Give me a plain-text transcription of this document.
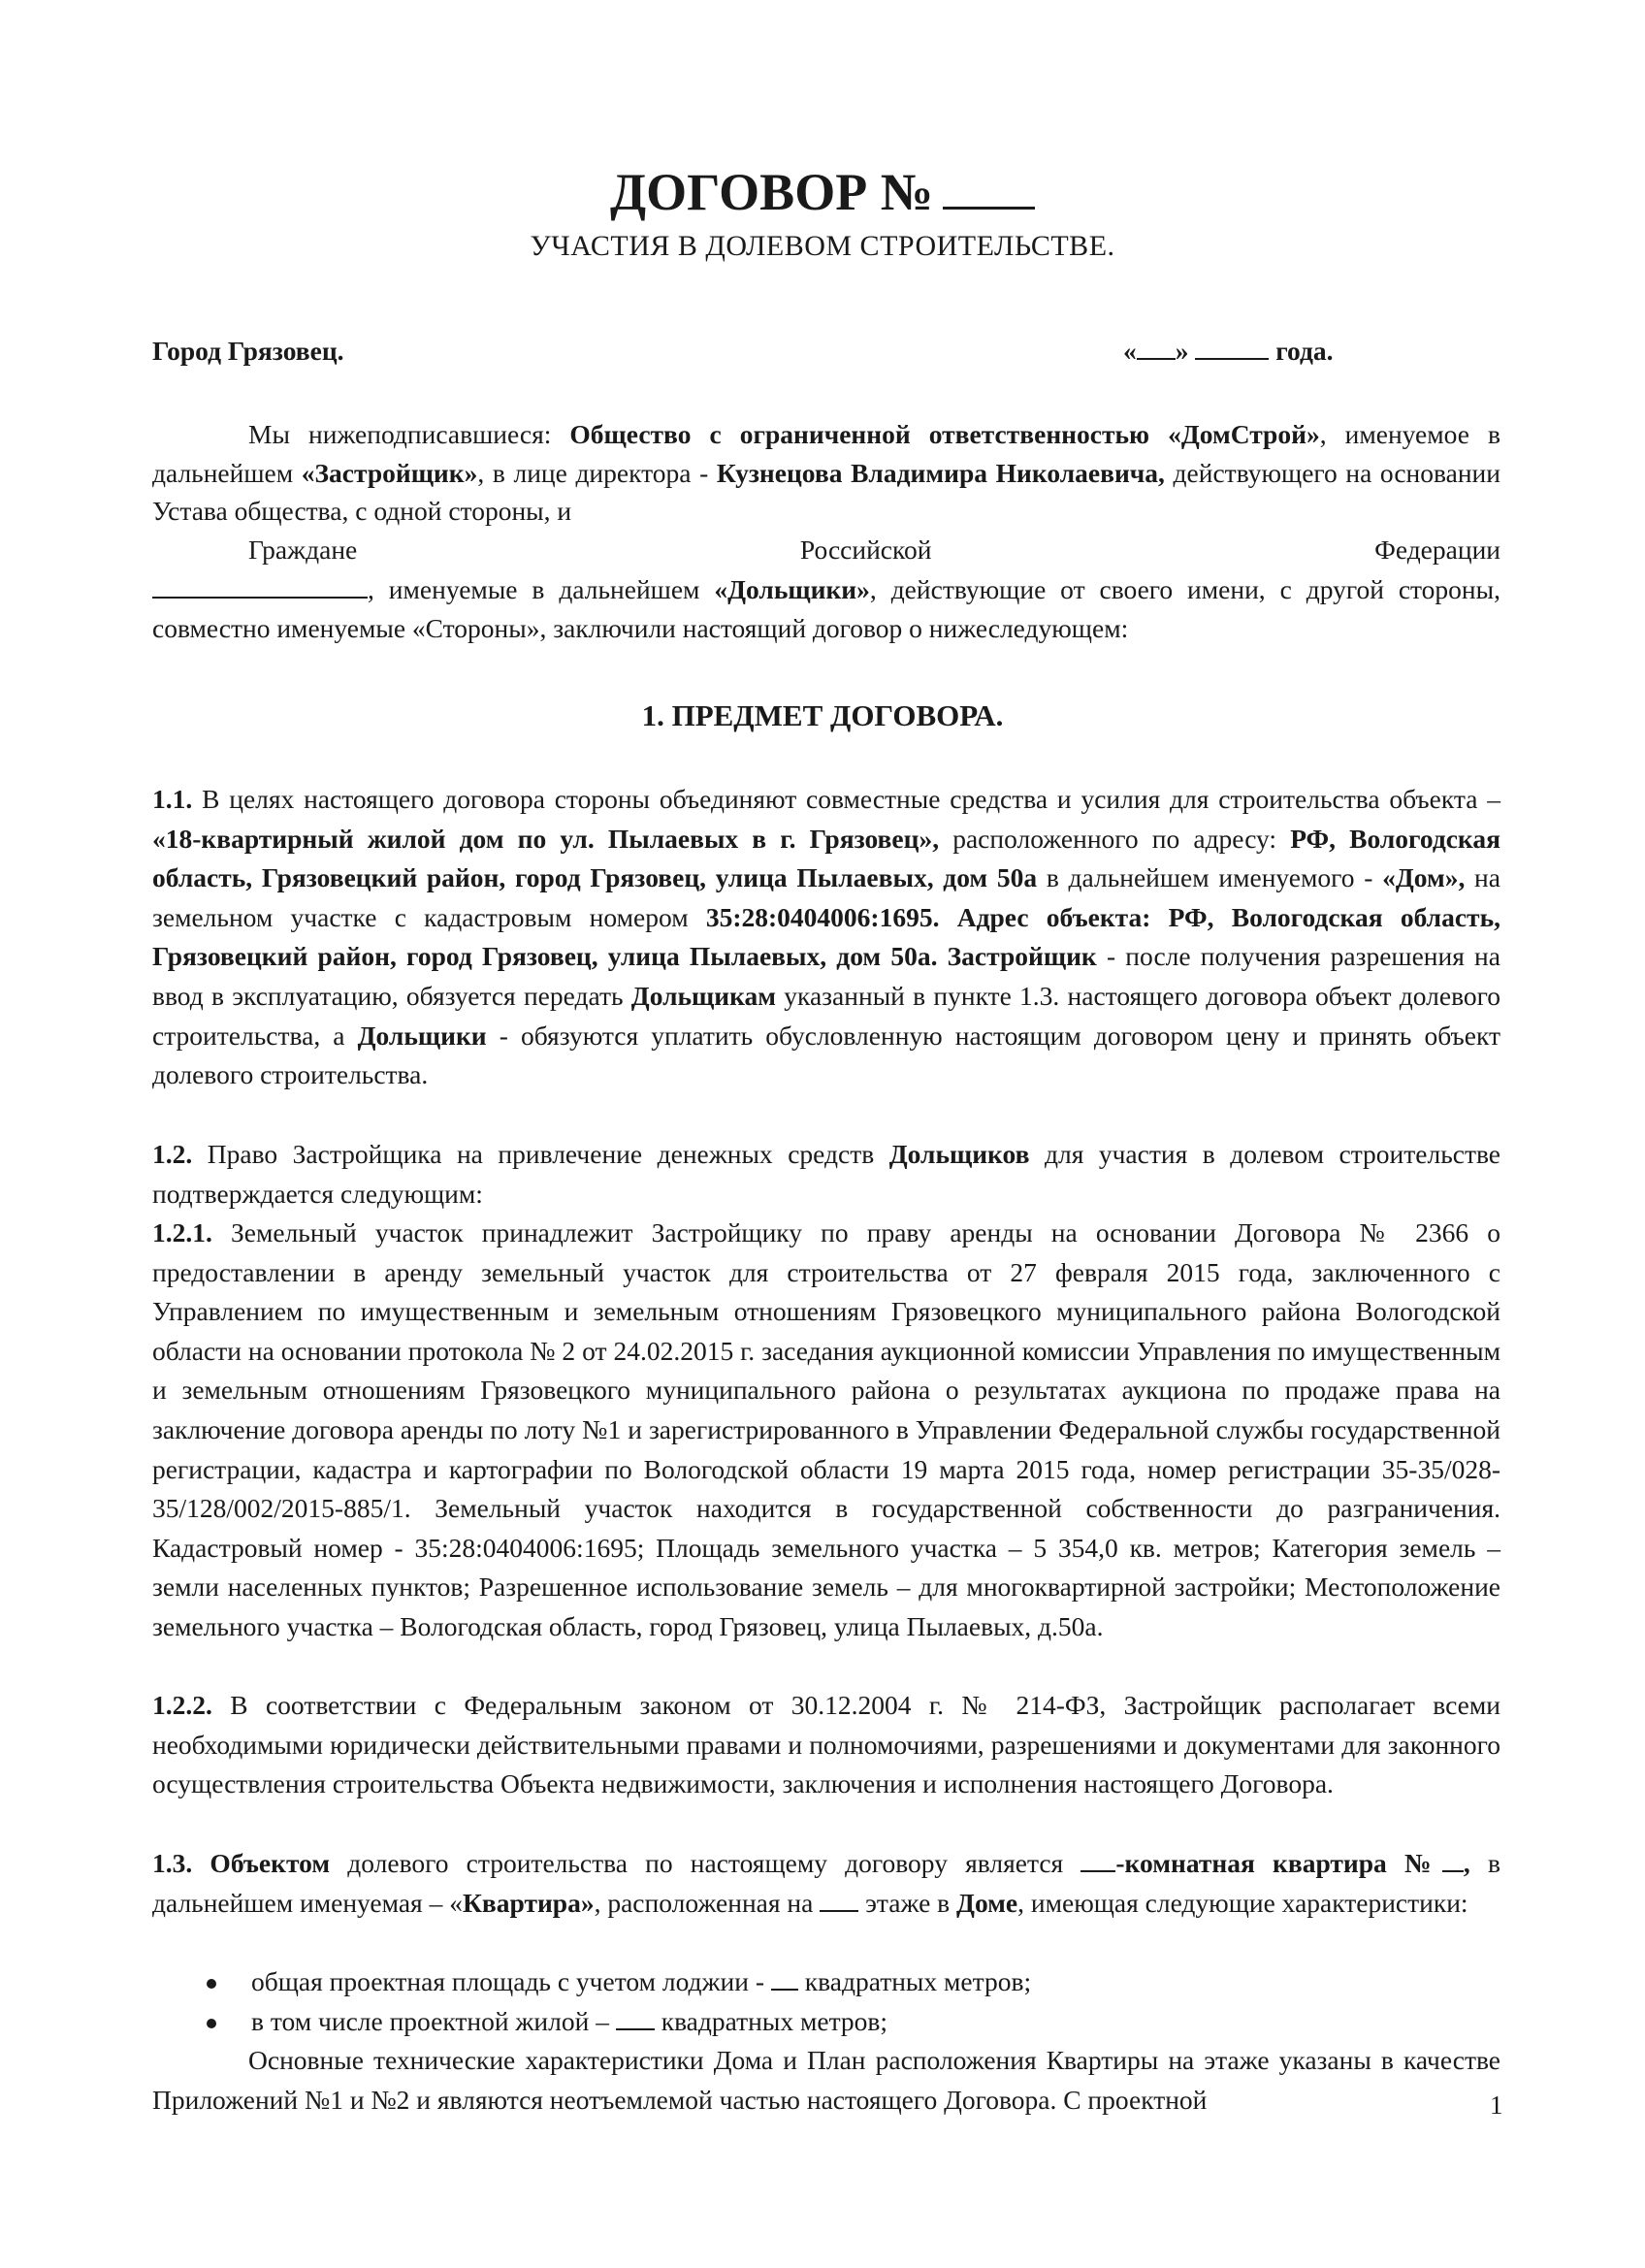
ДОГОВОР №
УЧАСТИЯ В ДОЛЕВОМ СТРОИТЕЛЬСТВЕ.
Город Грязовец.	« »	года.
Мы нижеподписавшиеся: Общество с ограниченной ответственностью «ДомСтрой», именуемое в дальнейшем «Застройщик», в лице директора - Кузнецова Владимира Николаевича, действующего на основании Устава общества, с одной стороны, и
Граждане	Российской	Федерации
, именуемые в дальнейшем «Дольщики», действующие от своего имени, с другой стороны, совместно именуемые «Стороны», заключили настоящий договор о нижеследующем:
1. ПРЕДМЕТ ДОГОВОРА.
1.1. В целях настоящего договора стороны объединяют совместные средства и усилия для строительства объекта – «18-квартирный жилой дом по ул. Пылаевых в г. Грязовец», расположенного по адресу: РФ, Вологодская область, Грязовецкий район, город Грязовец, улица Пылаевых, дом 50а в дальнейшем именуемого - «Дом», на земельном участке с кадастровым номером 35:28:0404006:1695. Адрес объекта: РФ, Вологодская область, Грязовецкий район, город Грязовец, улица Пылаевых, дом 50а. Застройщик - после получения разрешения на ввод в эксплуатацию, обязуется передать Дольщикам указанный в пункте 1.3. настоящего договора объект долевого строительства, а Дольщики - обязуются уплатить обусловленную настоящим договором цену и принять объект долевого строительства.
1.2. Право Застройщика на привлечение денежных средств Дольщиков для участия в долевом строительстве подтверждается следующим:
1.2.1. Земельный участок принадлежит Застройщику по праву аренды на основании Договора № 2366 о предоставлении в аренду земельный участок для строительства от 27 февраля 2015 года, заключенного с Управлением по имущественным и земельным отношениям Грязовецкого муниципального района Вологодской области на основании протокола № 2 от 24.02.2015 г. заседания аукционной комиссии Управления по имущественным и земельным отношениям Грязовецкого муниципального района о результатах аукциона по продаже права на заключение договора аренды по лоту №1 и зарегистрированного в Управлении Федеральной службы государственной регистрации, кадастра и картографии по Вологодской области 19 марта 2015 года, номер регистрации 35-35/028-35/128/002/2015-885/1. Земельный участок находится в государственной собственности до разграничения. Кадастровый номер - 35:28:0404006:1695; Площадь земельного участка – 5 354,0 кв. метров; Категория земель – земли населенных пунктов; Разрешенное использование земель – для многоквартирной застройки; Местоположение земельного участка – Вологодская область, город Грязовец, улица Пылаевых, д.50а.
1.2.2. В соответствии с Федеральным законом от 30.12.2004 г. № 214-ФЗ, Застройщик располагает всеми необходимыми юридически действительными правами и полномочиями, разрешениями и документами для законного осуществления строительства Объекта недвижимости, заключения и исполнения настоящего Договора.
1.3. Объектом долевого строительства по настоящему договору является -комнатная квартира № , в дальнейшем именуемая – «Квартира», расположенная на  этаже в Доме, имеющая следующие характеристики:
общая проектная площадь с учетом лоджии -  квадратных метров;
в том числе проектной жилой –  квадратных метров;
Основные технические характеристики Дома и План расположения Квартиры на этаже указаны в качестве Приложений №1 и №2 и являются неотъемлемой частью настоящего Договора. С проектной	1
